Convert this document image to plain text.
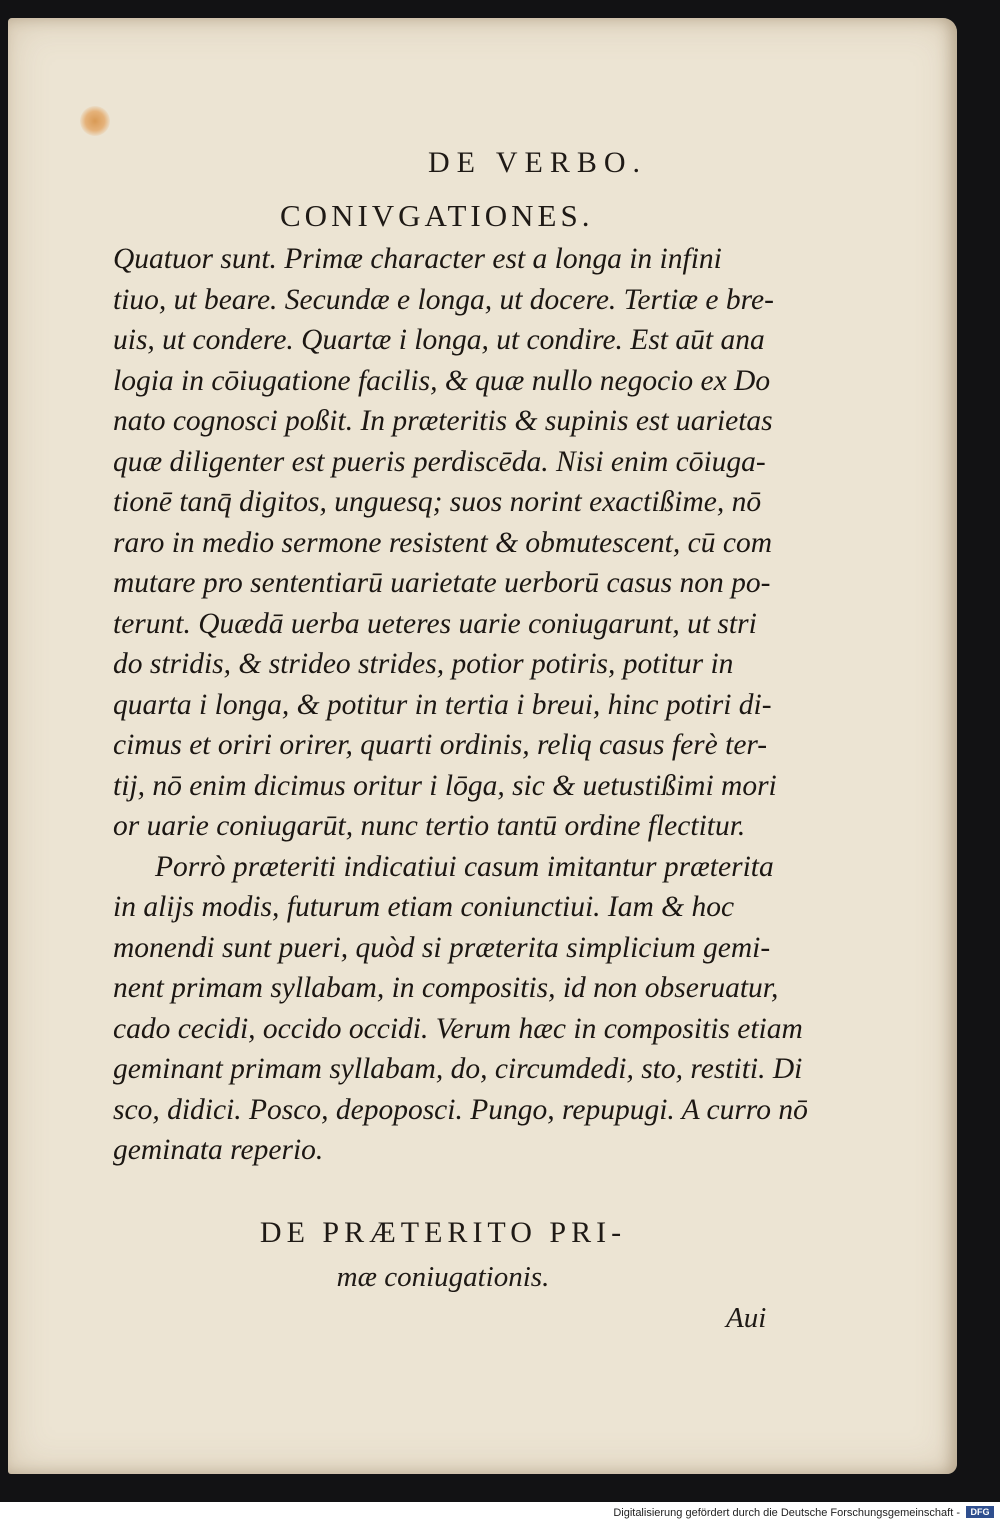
DE VERBO.
CONIVGATIONES.
Quatuor sunt. Primæ character est a longa in infini
tiuo, ut beare. Secundæ e longa, ut docere. Tertiæ e bre-
uis, ut condere. Quartæ i longa, ut condire. Est aūt ana
logia in cōiugatione facilis, & quæ nullo negocio ex Do
nato cognosci poßit. In præteritis & supinis est uarietas
quæ diligenter est pueris perdiscēda. Nisi enim cōiuga-
tionē tanq̄ digitos, unguesq; suos norint exactißime, nō
raro in medio sermone resistent & obmutescent, cū com
mutare pro sententiarū uarietate uerborū casus non po-
terunt. Quædā uerba ueteres uarie coniugarunt, ut stri
do stridis, & strideo strides, potior potiris, potitur in
quarta i longa, & potitur in tertia i breui, hinc potiri di-
cimus et oriri orirer, quarti ordinis, reliq casus ferè ter-
tij, nō enim dicimus oritur i lōga, sic & uetustißimi mori
or uarie coniugarūt, nunc tertio tantū ordine flectitur.
Porrò præteriti indicatiui casum imitantur præterita
in alijs modis, futurum etiam coniunctiui. Iam & hoc
monendi sunt pueri, quòd si præterita simplicium gemi-
nent primam syllabam, in compositis, id non obseruatur,
cado cecidi, occido occidi. Verum hæc in compositis etiam
geminant primam syllabam, do, circumdedi, sto, restiti. Di
sco, didici. Posco, depoposci. Pungo, repupugi. A curro nō
geminata reperio.
DE PRÆTERITO PRI-
mæ coniugationis.
Aui
Digitalisierung gefördert durch die Deutsche Forschungsgemeinschaft -	DFG
